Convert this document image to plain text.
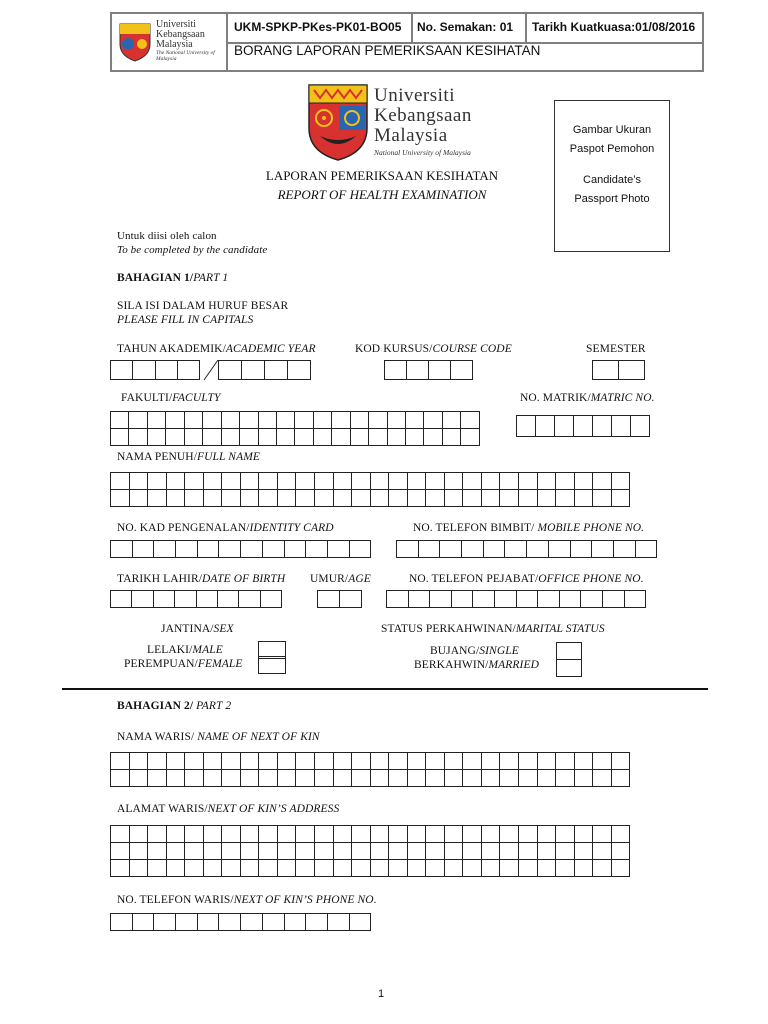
UKM-SPKP-PKes-PK01-BO05 No. Semakan: 01 Tarikh Kuatkuasa:01/08/2016
BORANG LAPORAN PEMERIKSAAN KESIHATAN
Universiti
Kebangsaan
Malaysia
The National University of Malaysia
Universiti
Kebangsaan
Malaysia
National University of Malaysia
LAPORAN PEMERIKSAAN KESIHATAN
REPORT OF HEALTH EXAMINATION
Gambar Ukuran
Paspot Pemohon
Candidate’s
Passport Photo
Untuk diisi oleh calon
To be completed by the candidate
BAHAGIAN 1/PART 1
SILA ISI DALAM HURUF BESAR
PLEASE FILL IN CAPITALS
TAHUN AKADEMIK/ACADEMIC YEAR	KOD KURSUS/COURSE CODE	SEMESTER
FAKULTI/FACULTY	NO. MATRIK/MATRIC NO.
NAMA PENUH/FULL NAME
NO. KAD PENGENALAN/IDENTITY CARD	NO. TELEFON BIMBIT/ MOBILE PHONE NO.
TARIKH LAHIR/DATE OF BIRTH UMUR/AGE	NO. TELEFON PEJABAT/OFFICE PHONE NO.
JANTINA/SEX	STATUS PERKAHWINAN/MARITAL STATUS
LELAKI/MALE
PEREMPUAN/FEMALE
BUJANG/SINGLE
BERKAHWIN/MARRIED
BAHAGIAN 2/ PART 2
NAMA WARIS/ NAME OF NEXT OF KIN
ALAMAT WARIS/NEXT OF KIN’S ADDRESS
NO. TELEFON WARIS/NEXT OF KIN’S PHONE NO.
1
